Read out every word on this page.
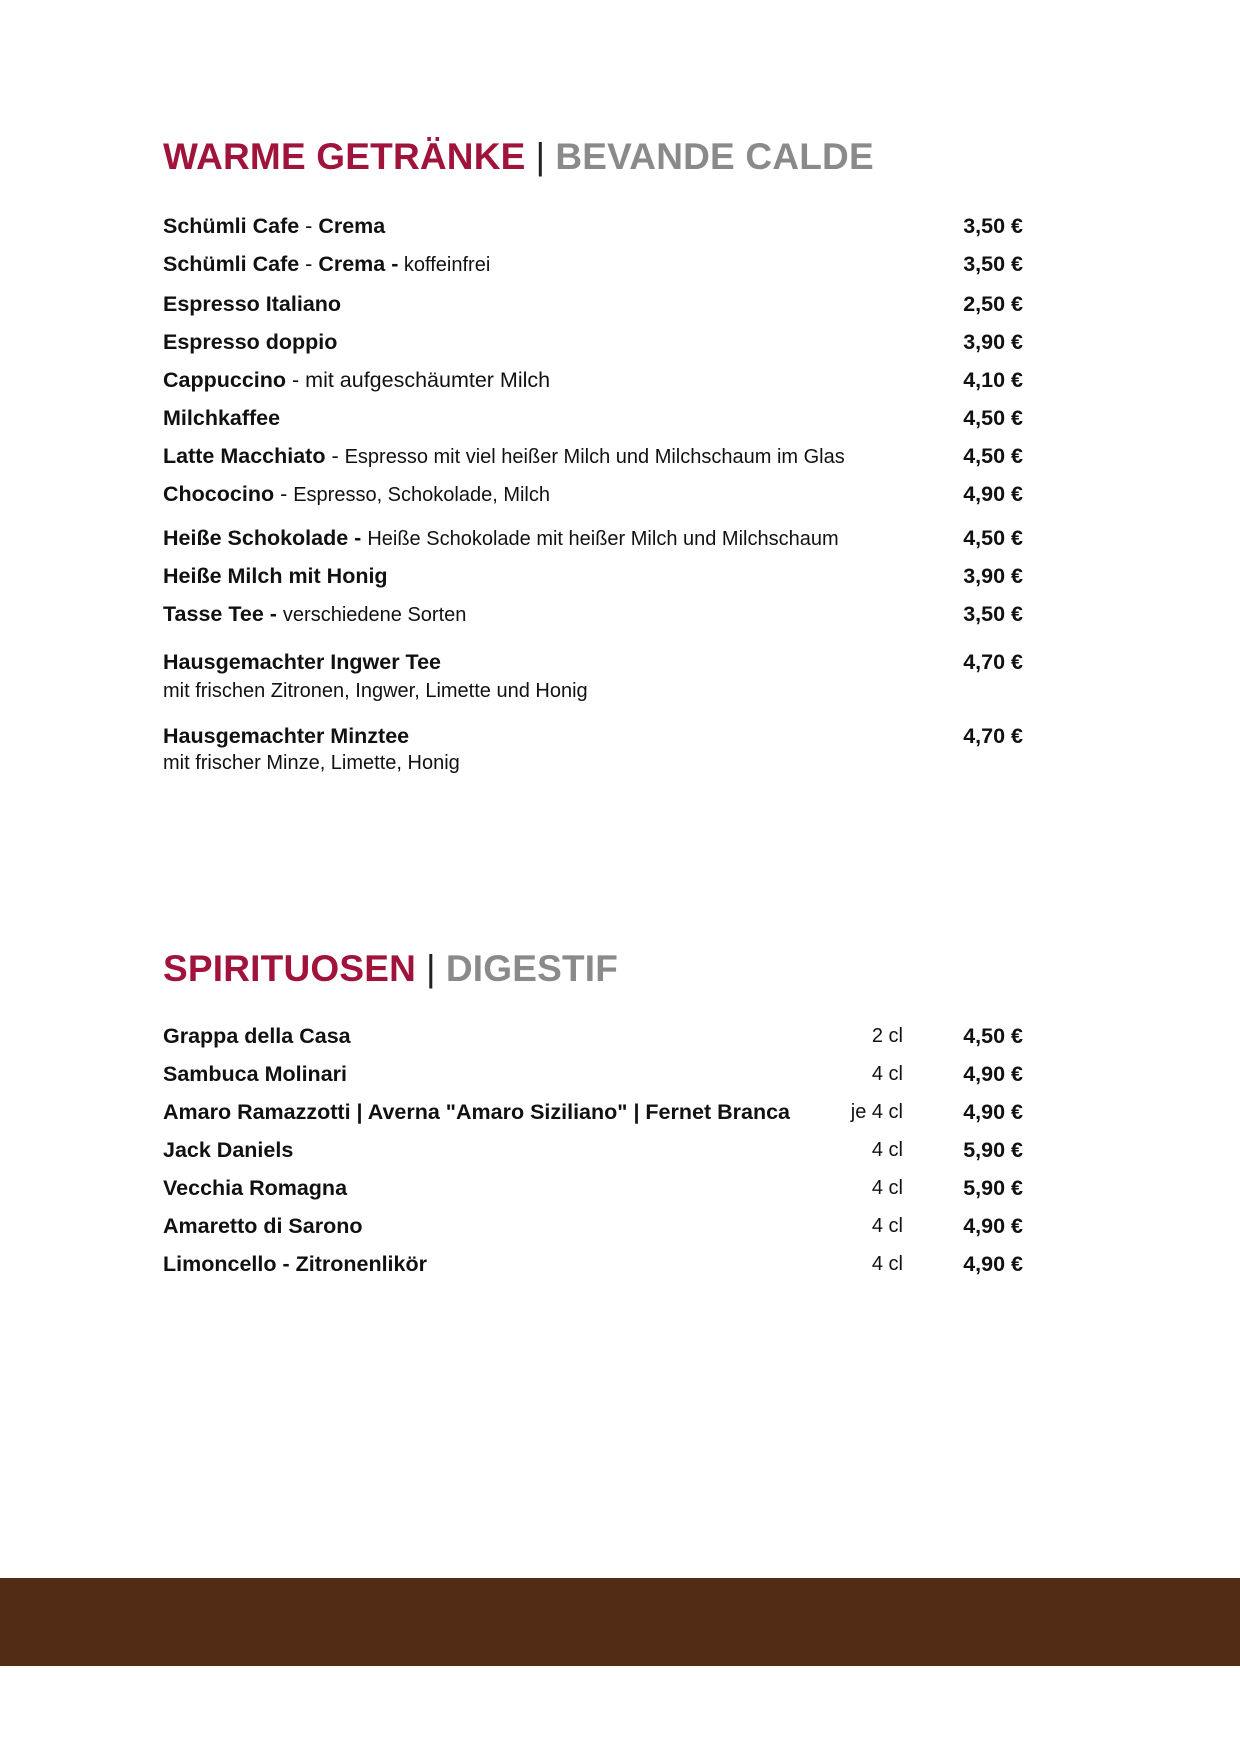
WARME GETRÄNKE | BEVANDE CALDE
Schümli Cafe - Crema	3,50 €
Schümli Cafe - Crema - koffeinfrei	3,50 €
Espresso Italiano	2,50 €
Espresso doppio	3,90 €
Cappuccino - mit aufgeschäumter Milch	4,10 €
Milchkaffee	4,50 €
Latte Macchiato - Espresso mit viel heißer Milch und Milchschaum im Glas	4,50 €
Chococino - Espresso, Schokolade, Milch	4,90 €
Heiße Schokolade - Heiße Schokolade mit heißer Milch und Milchschaum	4,50 €
Heiße Milch mit Honig	3,90 €
Tasse Tee - verschiedene Sorten	3,50 €
Hausgemachter Ingwer Tee	4,70 €
mit frischen Zitronen, Ingwer, Limette und Honig
Hausgemachter Minztee	4,70 €
mit frischer Minze, Limette, Honig
SPIRITUOSEN | DIGESTIF
Grappa della Casa	2 cl	4,50 €
Sambuca Molinari	4 cl	4,90 €
Amaro Ramazzotti | Averna "Amaro Siziliano" | Fernet Branca	je 4 cl	4,90 €
Jack Daniels	4 cl	5,90 €
Vecchia Romagna	4 cl	5,90 €
Amaretto di Sarono	4 cl	4,90 €
Limoncello - Zitronenlikör	4 cl	4,90 €
